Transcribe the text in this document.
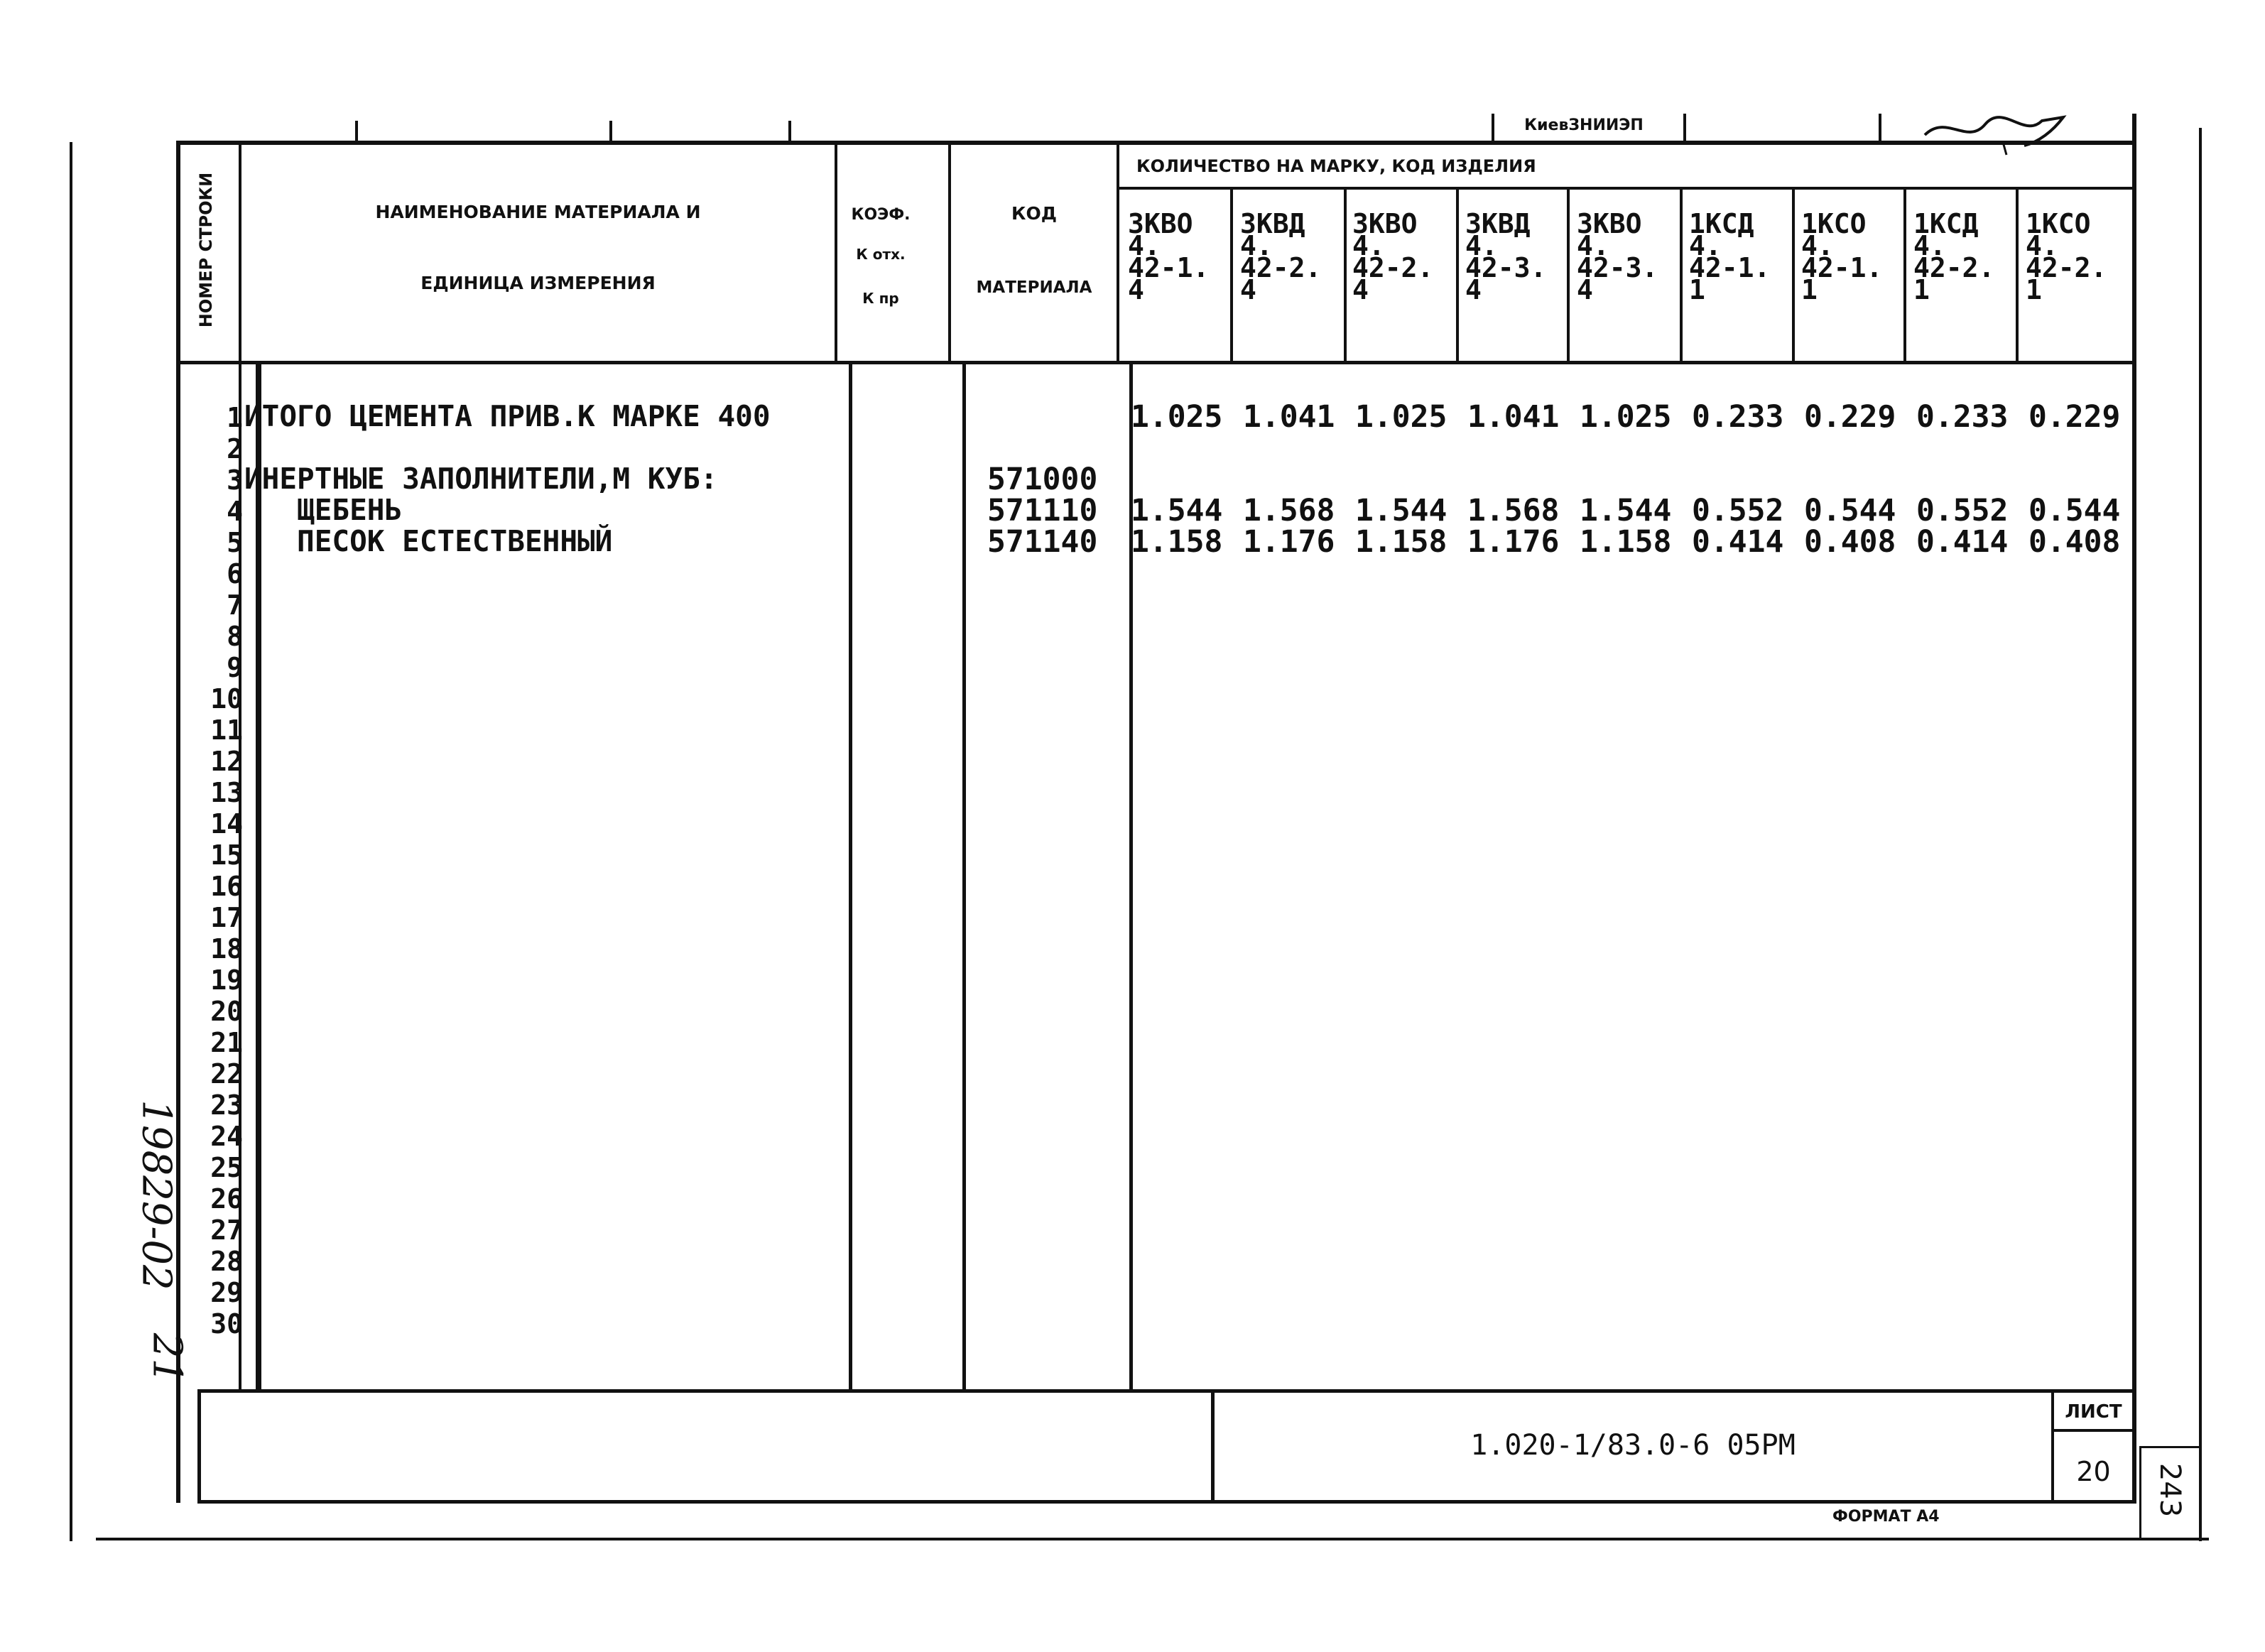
КиевЗНИИЭП
НОМЕР СТРОКИ	НАИМЕНОВАНИЕ МАТЕРИАЛА И
ЕДИНИЦА ИЗМЕРЕНИЯ
КОЭФ.
К отх.
К пр
КОД
МАТЕРИАЛА
КОЛИЧЕСТВО НА МАРКУ, КОД ИЗДЕЛИЯ
3КВО
4.
42-1.
4
3КВД
4.
42-2.
4
3КВО
4.
42-2.
4
3КВД
4.
42-3.
4
3КВО
4.
42-3.
4
1КСД
4.
42-1.
1
1КСО
4.
42-1.
1
1КСД
4.
42-2.
1
1КСО
4.
42-2.
1
1
2
3
4
5
6
7
8
9
10
11
12
13
14
15
16
17
18
19
20
21
22
23
24
25
26
27
28
29
30
ИТОГО ЦЕМЕНТА ПРИВ.К МАРКЕ 400
ИНЕРТНЫЕ ЗАПОЛНИТЕЛИ,М КУБ:
ЩЕБЕНЬ
ПЕСОК ЕСТЕСТВЕННЫЙ
571000
571110
571140
1.025 1.041 1.025 1.041 1.025 0.233 0.229 0.233 0.229
1.544 1.568 1.544 1.568 1.544 0.552 0.544 0.552 0.544
1.158 1.176 1.158 1.176 1.158 0.414 0.408 0.414 0.408
ЛИСТ
20
1.020-1/83.0-6 05РМ
ФОРМАТ А4	243
19829-02
21
